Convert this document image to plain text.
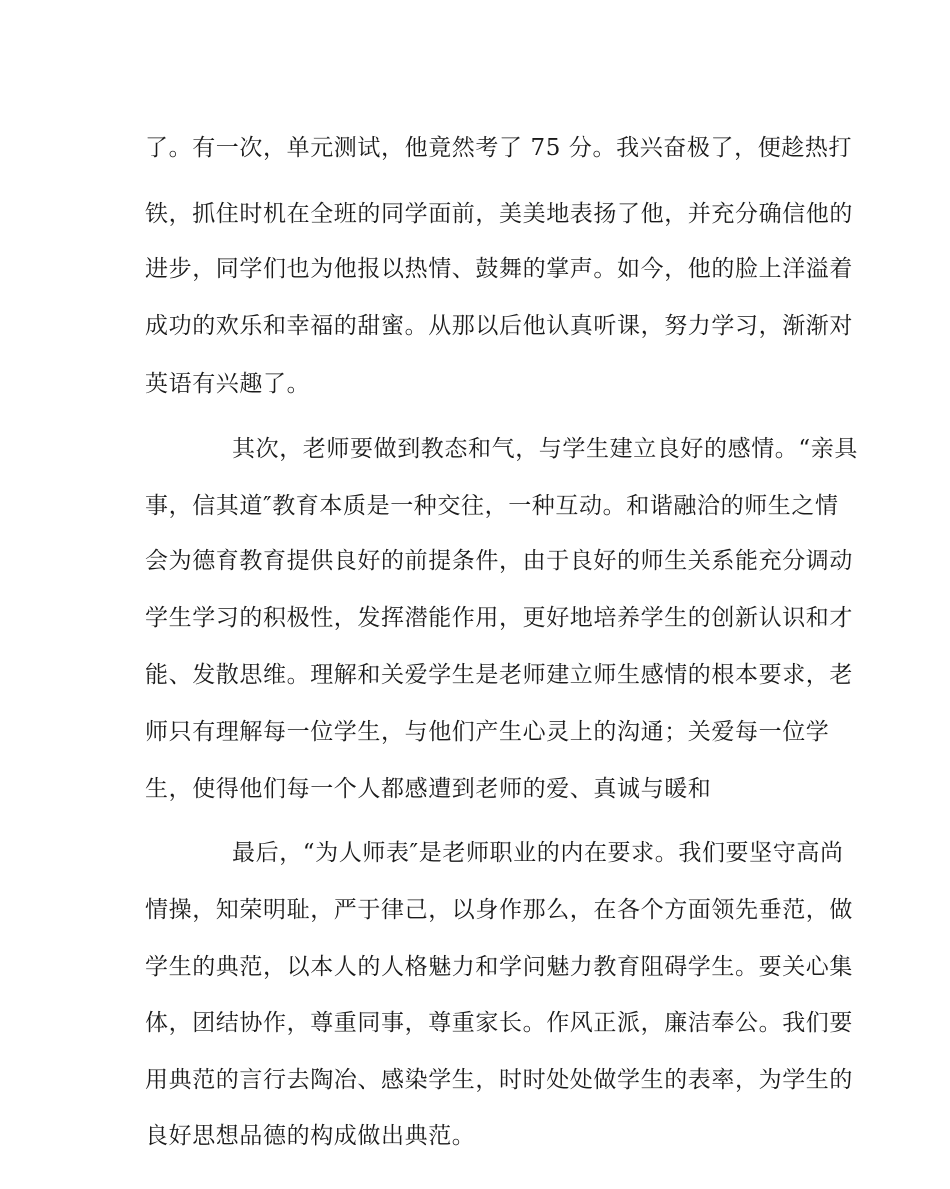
了。有一次，单元测试，他竟然考了 75 分。我兴奋极了，便趁热打
铁，抓住时机在全班的同学面前，美美地表扬了他，并充分确信他的
进步，同学们也为他报以热情、鼓舞的掌声。如今，他的脸上洋溢着
成功的欢乐和幸福的甜蜜。从那以后他认真听课，努力学习，渐渐对
英语有兴趣了。
其次，老师要做到教态和气，与学生建立良好的感情。“亲具
事，信其道″教育本质是一种交往，一种互动。和谐融洽的师生之情
会为德育教育提供良好的前提条件，由于良好的师生关系能充分调动
学生学习的积极性，发挥潜能作用，更好地培养学生的创新认识和才
能、发散思维。理解和关爱学生是老师建立师生感情的根本要求，老
师只有理解每一位学生，与他们产生心灵上的沟通；关爱每一位学
生，使得他们每一个人都感遭到老师的爱、真诚与暖和
最后，“为人师表″是老师职业的内在要求。我们要坚守高尚
情操，知荣明耻，严于律己，以身作那么，在各个方面领先垂范，做
学生的典范，以本人的人格魅力和学问魅力教育阻碍学生。要关心集
体，团结协作，尊重同事，尊重家长。作风正派，廉洁奉公。我们要
用典范的言行去陶冶、感染学生，时时处处做学生的表率，为学生的
良好思想品德的构成做出典范。
